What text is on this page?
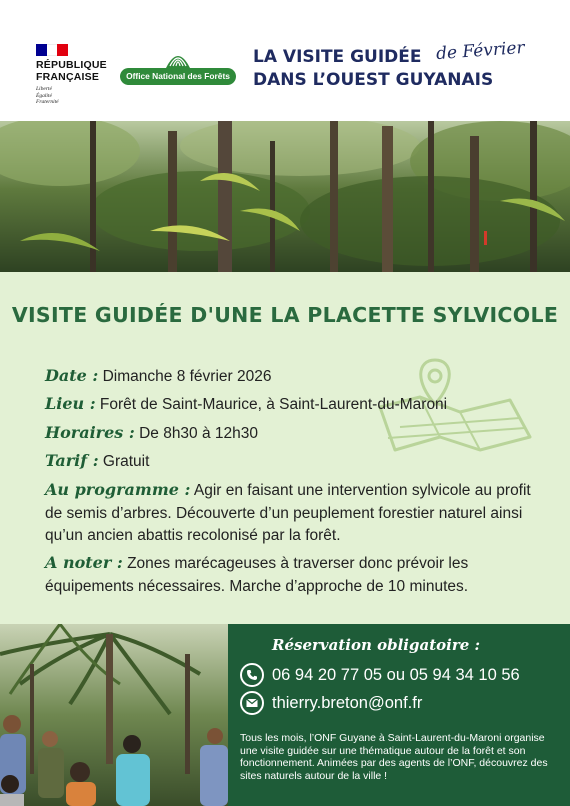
RÉPUBLIQUE
FRANÇAISE
Liberté
Égalité
Fraternité
Office National des Forêts
LA VISITE GUIDÉE de Février
DANS L’OUEST GUYANAIS
VISITE GUIDÉE D'UNE LA PLACETTE SYLVICOLE
Date : Dimanche 8 février 2026
Lieu : Forêt de Saint-Maurice, à Saint-Laurent-du-Maroni
Horaires : De 8h30 à 12h30
Tarif : Gratuit
Au programme : Agir en faisant une intervention sylvicole au profit de semis d’arbres. Découverte d’un peuplement forestier naturel ainsi qu’un ancien abattis recolonisé par la forêt.
A noter : Zones marécageuses à traverser donc prévoir les équipements nécessaires. Marche d’approche de 10 minutes.
Réservation obligatoire :
06 94 20 77 05 ou 05 94 34 10 56
thierry.breton@onf.fr
Tous les mois, l’ONF Guyane à Saint-Laurent-du-Maroni organise une visite guidée sur une thématique autour de la forêt et son fonctionnement. Animées par des agents de l’ONF, découvrez des sites naturels autour de la ville !
